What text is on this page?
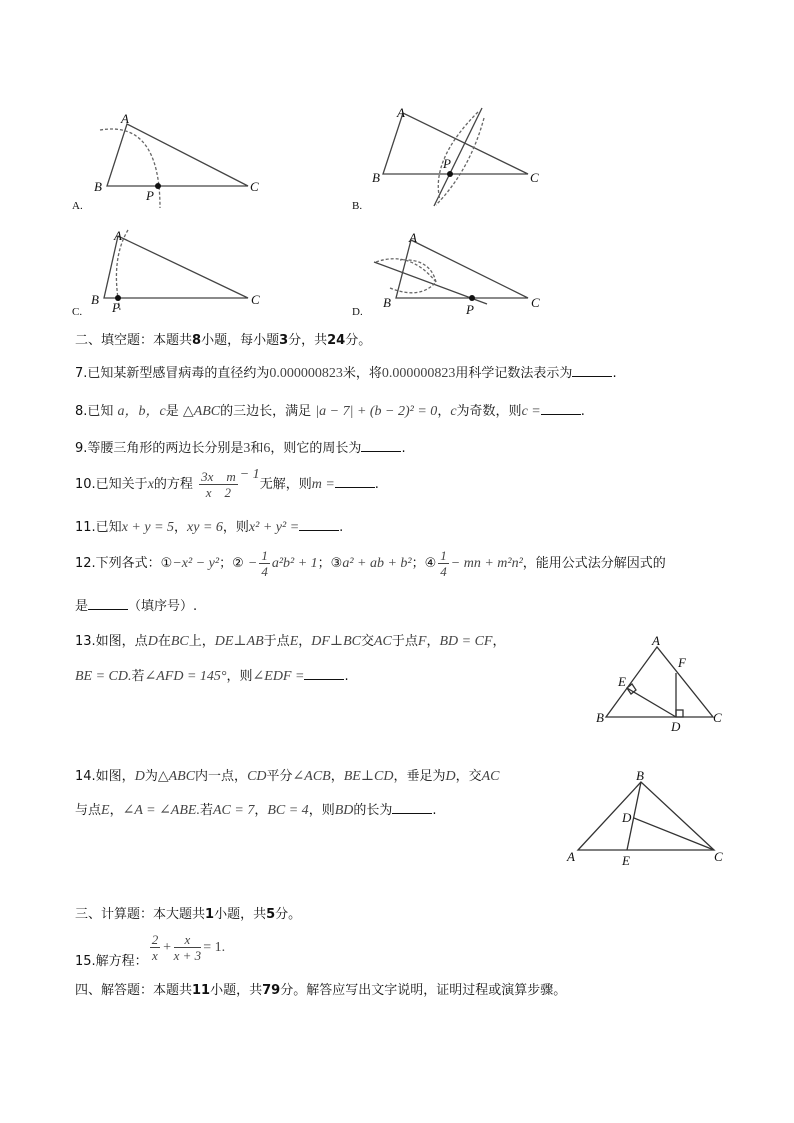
A
B	C
P
A
B	C
P
A
B	C
P
A
B	C
P
A
B	C
D
E
F
B
A	C
D
E
A.	B.
C.	D.
二、填空题：本题共8小题，每小题3分，共24分。
7.已知某新型感冒病毒的直径约为0.000000823米，将0.000000823用科学记数法表示为	.
8.已知 a，b，c是 △ABC的三边长，满足 |a − 7| + (b − 2)² = 0，c为奇数，则c =	.
9.等腰三角形的两边长分别是3和6，则它的周长为	.
10.已知关于x的方程 $\frac{\text{3x    m}}{x 2} - 1$无解，则m =	.
11.已知x + y = 5，xy = 6，则x² + y² =	.
12.下列各式：①−x² − y²；② − $\frac{1}{4} a^2b^2 + 1$；③a² + ab + b²；④ $\frac{1}{4}$ − mn + m²n²，能用公式法分解因式的
是	（填序号）.
13.如图，点D在BC上，DE⊥AB于点E，DF⊥BC交AC于点F，BD = CF，
BE = CD.若∠AFD = 145°，则∠EDF =	.
14.如图，D为△ABC内一点，CD平分∠ACB，BE⊥CD，垂足为D，交AC
与点E，∠A = ∠ABE.若AC = 7，BC = 4，则BD的长为	.
三、计算题：本大题共1小题，共5分。
15.解方程： $\frac{2}{x} + \frac{x}{x + 3} = 1$.
四、解答题：本题共11小题，共79分。解答应写出文字说明，证明过程或演算步骤。
